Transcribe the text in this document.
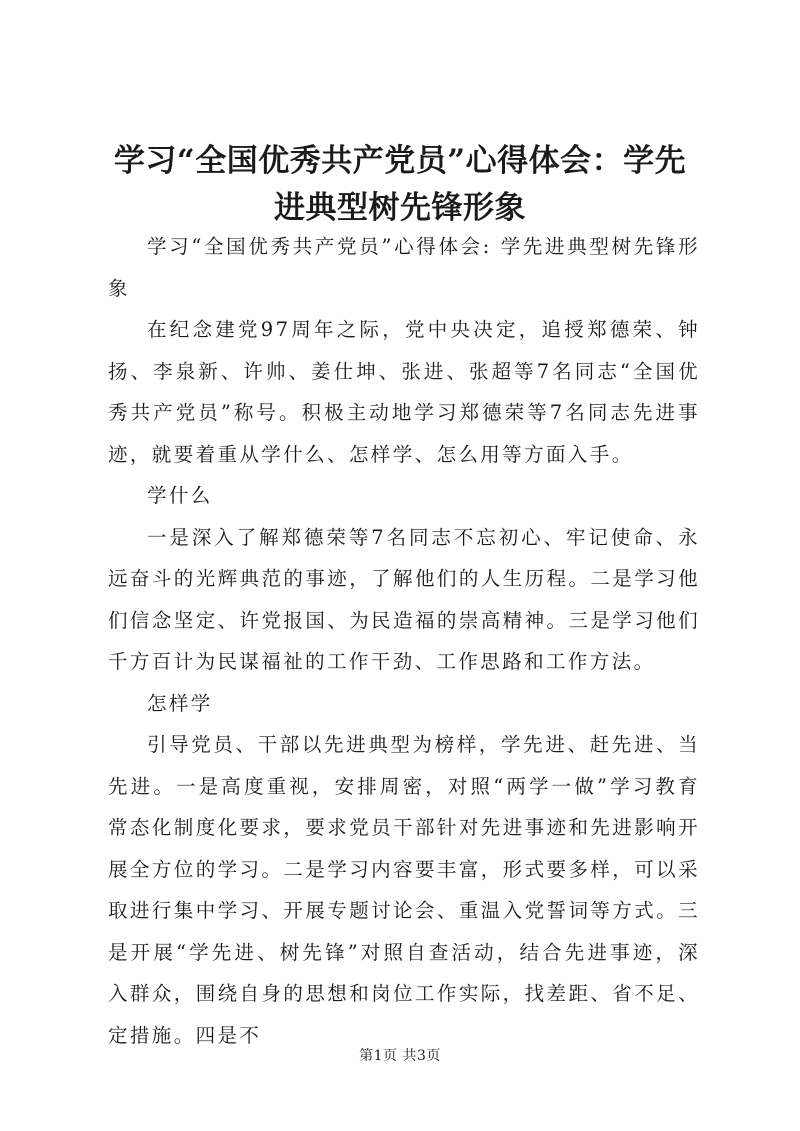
学习“全国优秀共产党员”心得体会：学先进典型树先锋形象

学习“全国优秀共产党员”心得体会: 学先进典型树先锋形象

在纪念建党97周年之际，党中央决定，追授郑德荣、钟扬、李泉新、许帅、姜仕坤、张进、张超等7名同志“全国优秀共产党员”称号。积极主动地学习郑德荣等7名同志先进事迹，就要着重从学什么、怎样学、怎么用等方面入手。

学什么

一是深入了解郑德荣等7名同志不忘初心、牢记使命、永远奋斗的光辉典范的事迹，了解他们的人生历程。二是学习他们信念坚定、许党报国、为民造福的崇高精神。三是学习他们千方百计为民谋福祉的工作干劲、工作思路和工作方法。

怎样学

引导党员、干部以先进典型为榜样，学先进、赶先进、当先进。一是高度重视，安排周密，对照“两学一做”学习教育常态化制度化要求，要求党员干部针对先进事迹和先进影响开展全方位的学习。二是学习内容要丰富，形式要多样，可以采取进行集中学习、开展专题讨论会、重温入党誓词等方式。三是开展“学先进、树先锋”对照自查活动，结合先进事迹，深入群众，围绕自身的思想和岗位工作实际，找差距、省不足、定措施。四是不

第1页 共3页
